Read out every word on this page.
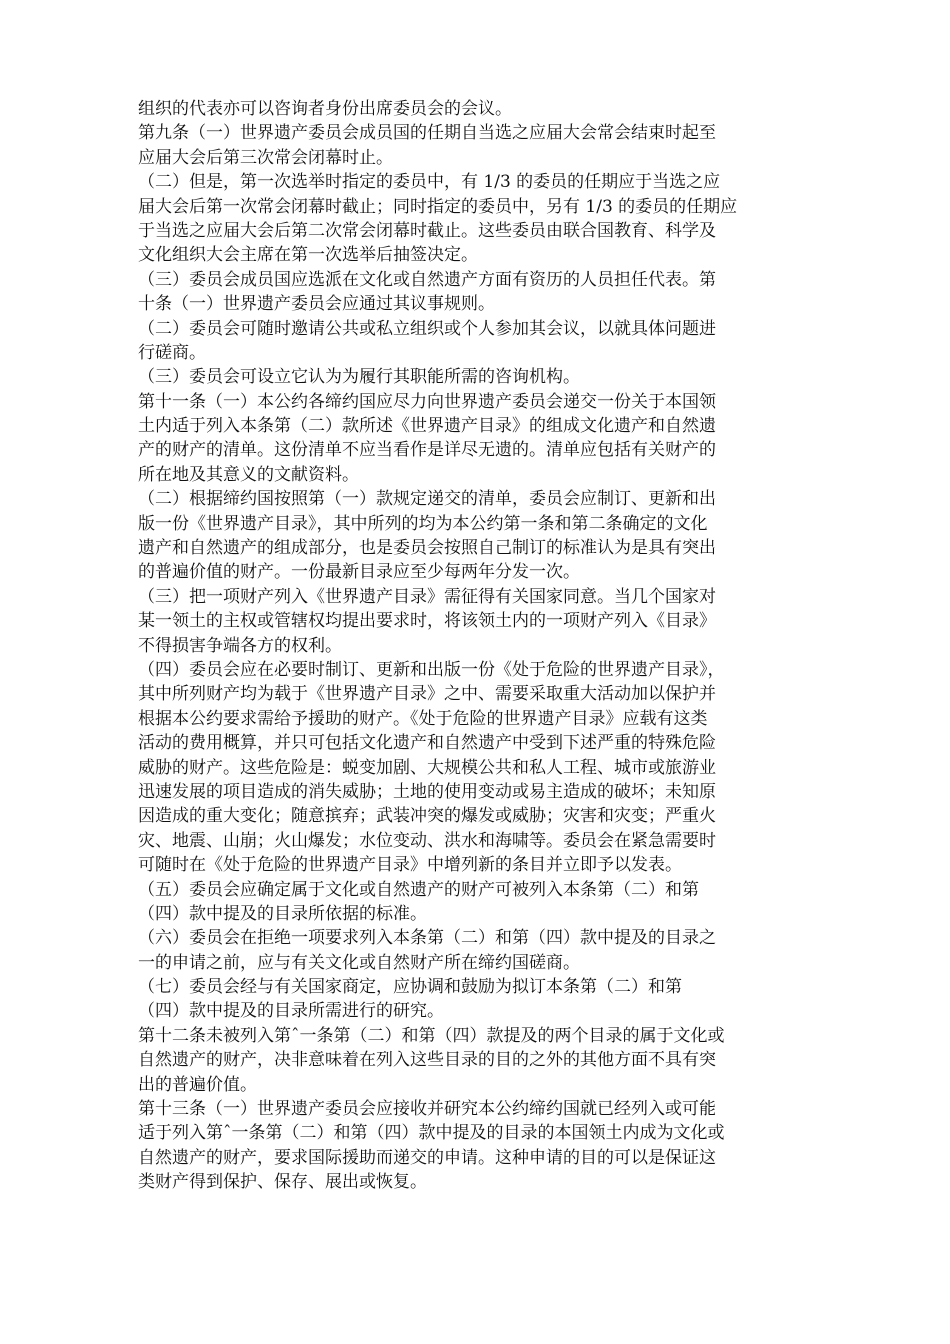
组织的代表亦可以咨询者身份出席委员会的会议。
第九条（一）世界遗产委员会成员国的任期自当选之应届大会常会结束时起至
应届大会后第三次常会闭幕时止。
（二）但是，第一次选举时指定的委员中，有 1/3 的委员的任期应于当选之应
届大会后第一次常会闭幕时截止；同时指定的委员中，另有 1/3 的委员的任期应
于当选之应届大会后第二次常会闭幕时截止。这些委员由联合国教育、科学及
文化组织大会主席在第一次选举后抽签决定。
（三）委员会成员国应选派在文化或自然遗产方面有资历的人员担任代表。第
十条（一）世界遗产委员会应通过其议事规则。
（二）委员会可随时邀请公共或私立组织或个人参加其会议，以就具体问题进
行磋商。
（三）委员会可设立它认为为履行其职能所需的咨询机构。
第十一条（一）本公约各缔约国应尽力向世界遗产委员会递交一份关于本国领
土内适于列入本条第（二）款所述《世界遗产目录》的组成文化遗产和自然遗
产的财产的清单。这份清单不应当看作是详尽无遗的。清单应包括有关财产的
所在地及其意义的文献资料。
（二）根据缔约国按照第（一）款规定递交的清单，委员会应制订、更新和出
版一份《世界遗产目录》，其中所列的均为本公约第一条和第二条确定的文化
遗产和自然遗产的组成部分，也是委员会按照自己制订的标准认为是具有突出
的普遍价值的财产。一份最新目录应至少每两年分发一次。
（三）把一项财产列入《世界遗产目录》需征得有关国家同意。当几个国家对
某一领土的主权或管辖权均提出要求时，将该领土内的一项财产列入《目录》
不得损害争端各方的权利。
（四）委员会应在必要时制订、更新和出版一份《处于危险的世界遗产目录》，
其中所列财产均为载于《世界遗产目录》之中、需要采取重大活动加以保护并
根据本公约要求需给予援助的财产。《处于危险的世界遗产目录》应载有这类
活动的费用概算，并只可包括文化遗产和自然遗产中受到下述严重的特殊危险
威胁的财产。这些危险是：蜕变加剧、大规模公共和私人工程、城市或旅游业
迅速发展的项目造成的消失威胁；土地的使用变动或易主造成的破坏；未知原
因造成的重大变化；随意摈弃；武装冲突的爆发或威胁；灾害和灾变；严重火
灾、地震、山崩；火山爆发；水位变动、洪水和海啸等。委员会在紧急需要时
可随时在《处于危险的世界遗产目录》中增列新的条目并立即予以发表。
（五）委员会应确定属于文化或自然遗产的财产可被列入本条第（二）和第
（四）款中提及的目录所依据的标准。
（六）委员会在拒绝一项要求列入本条第（二）和第（四）款中提及的目录之
一的申请之前，应与有关文化或自然财产所在缔约国磋商。
（七）委员会经与有关国家商定，应协调和鼓励为拟订本条第（二）和第
（四）款中提及的目录所需进行的研究。
第十二条未被列入第ˆ一条第（二）和第（四）款提及的两个目录的属于文化或
自然遗产的财产，决非意味着在列入这些目录的目的之外的其他方面不具有突
出的普遍价值。
第十三条（一）世界遗产委员会应接收并研究本公约缔约国就已经列入或可能
适于列入第ˆ一条第（二）和第（四）款中提及的目录的本国领土内成为文化或
自然遗产的财产，要求国际援助而递交的申请。这种申请的目的可以是保证这
类财产得到保护、保存、展出或恢复。
